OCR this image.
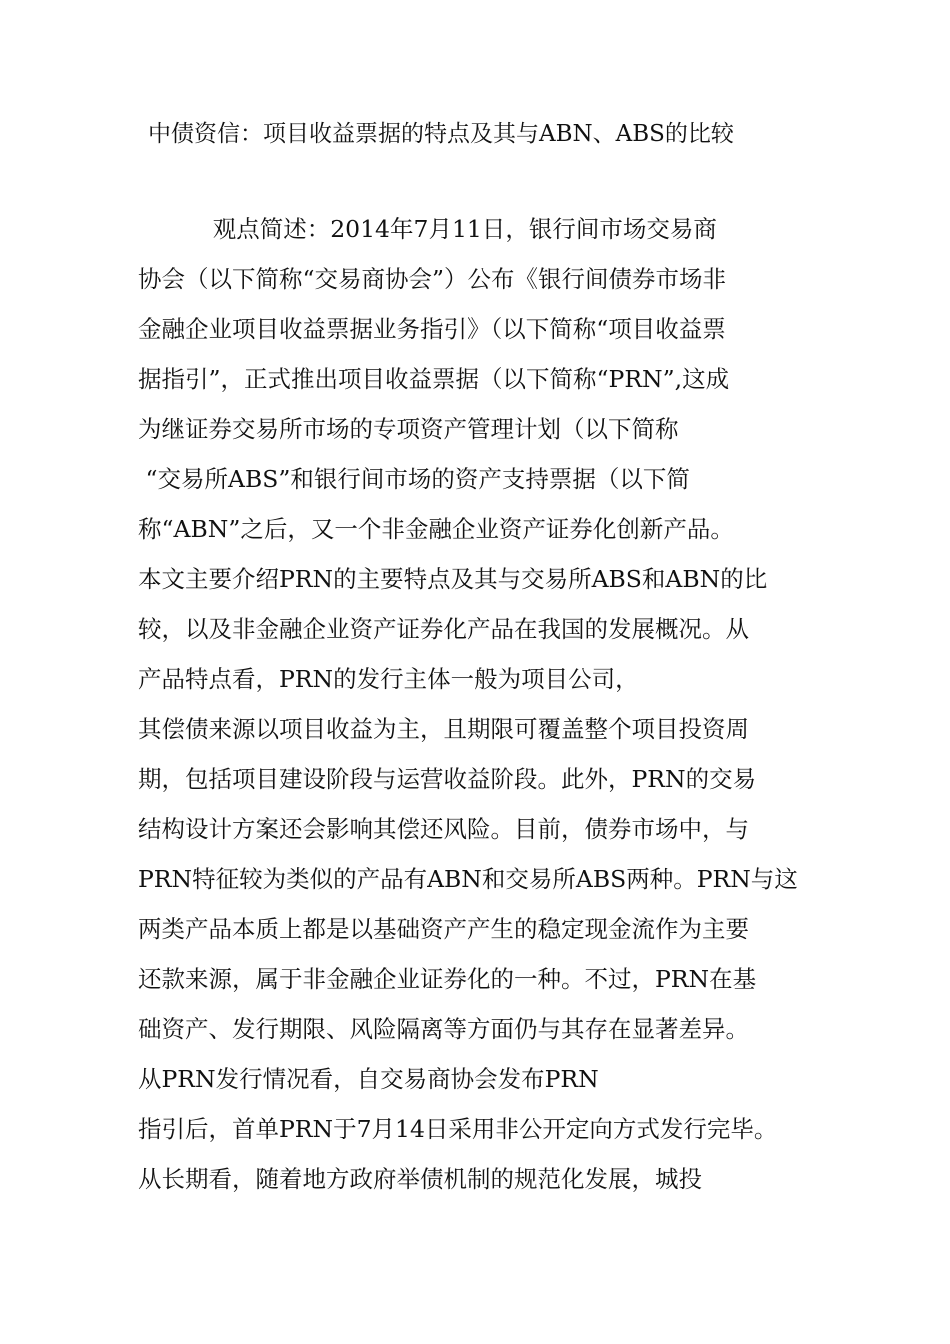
中债资信：项目收益票据的特点及其与ABN、ABS的比较
观点简述：2014年7月11日，银行间市场交易商
协会（以下简称“交易商协会”）公布《银行间债券市场非
金融企业项目收益票据业务指引》（以下简称“项目收益票
据指引”，正式推出项目收益票据（以下简称“PRN”,这成
为继证券交易所市场的专项资产管理计划（以下简称
“交易所ABS”和银行间市场的资产支持票据（以下简
称“ABN”之后，又一个非金融企业资产证券化创新产品。
本文主要介绍PRN的主要特点及其与交易所ABS和ABN的比
较，以及非金融企业资产证券化产品在我国的发展概况。从
产品特点看，PRN的发行主体一般为项目公司，
其偿债来源以项目收益为主，且期限可覆盖整个项目投资周
期，包括项目建设阶段与运营收益阶段。此外，PRN的交易
结构设计方案还会影响其偿还风险。目前，债券市场中，与
PRN特征较为类似的产品有ABN和交易所ABS两种。PRN与这
两类产品本质上都是以基础资产产生的稳定现金流作为主要
还款来源，属于非金融企业证券化的一种。不过，PRN在基
础资产、发行期限、风险隔离等方面仍与其存在显著差异。
从PRN发行情况看，自交易商协会发布PRN
指引后，首单PRN于7月14日采用非公开定向方式发行完毕。
从长期看，随着地方政府举债机制的规范化发展，城投
